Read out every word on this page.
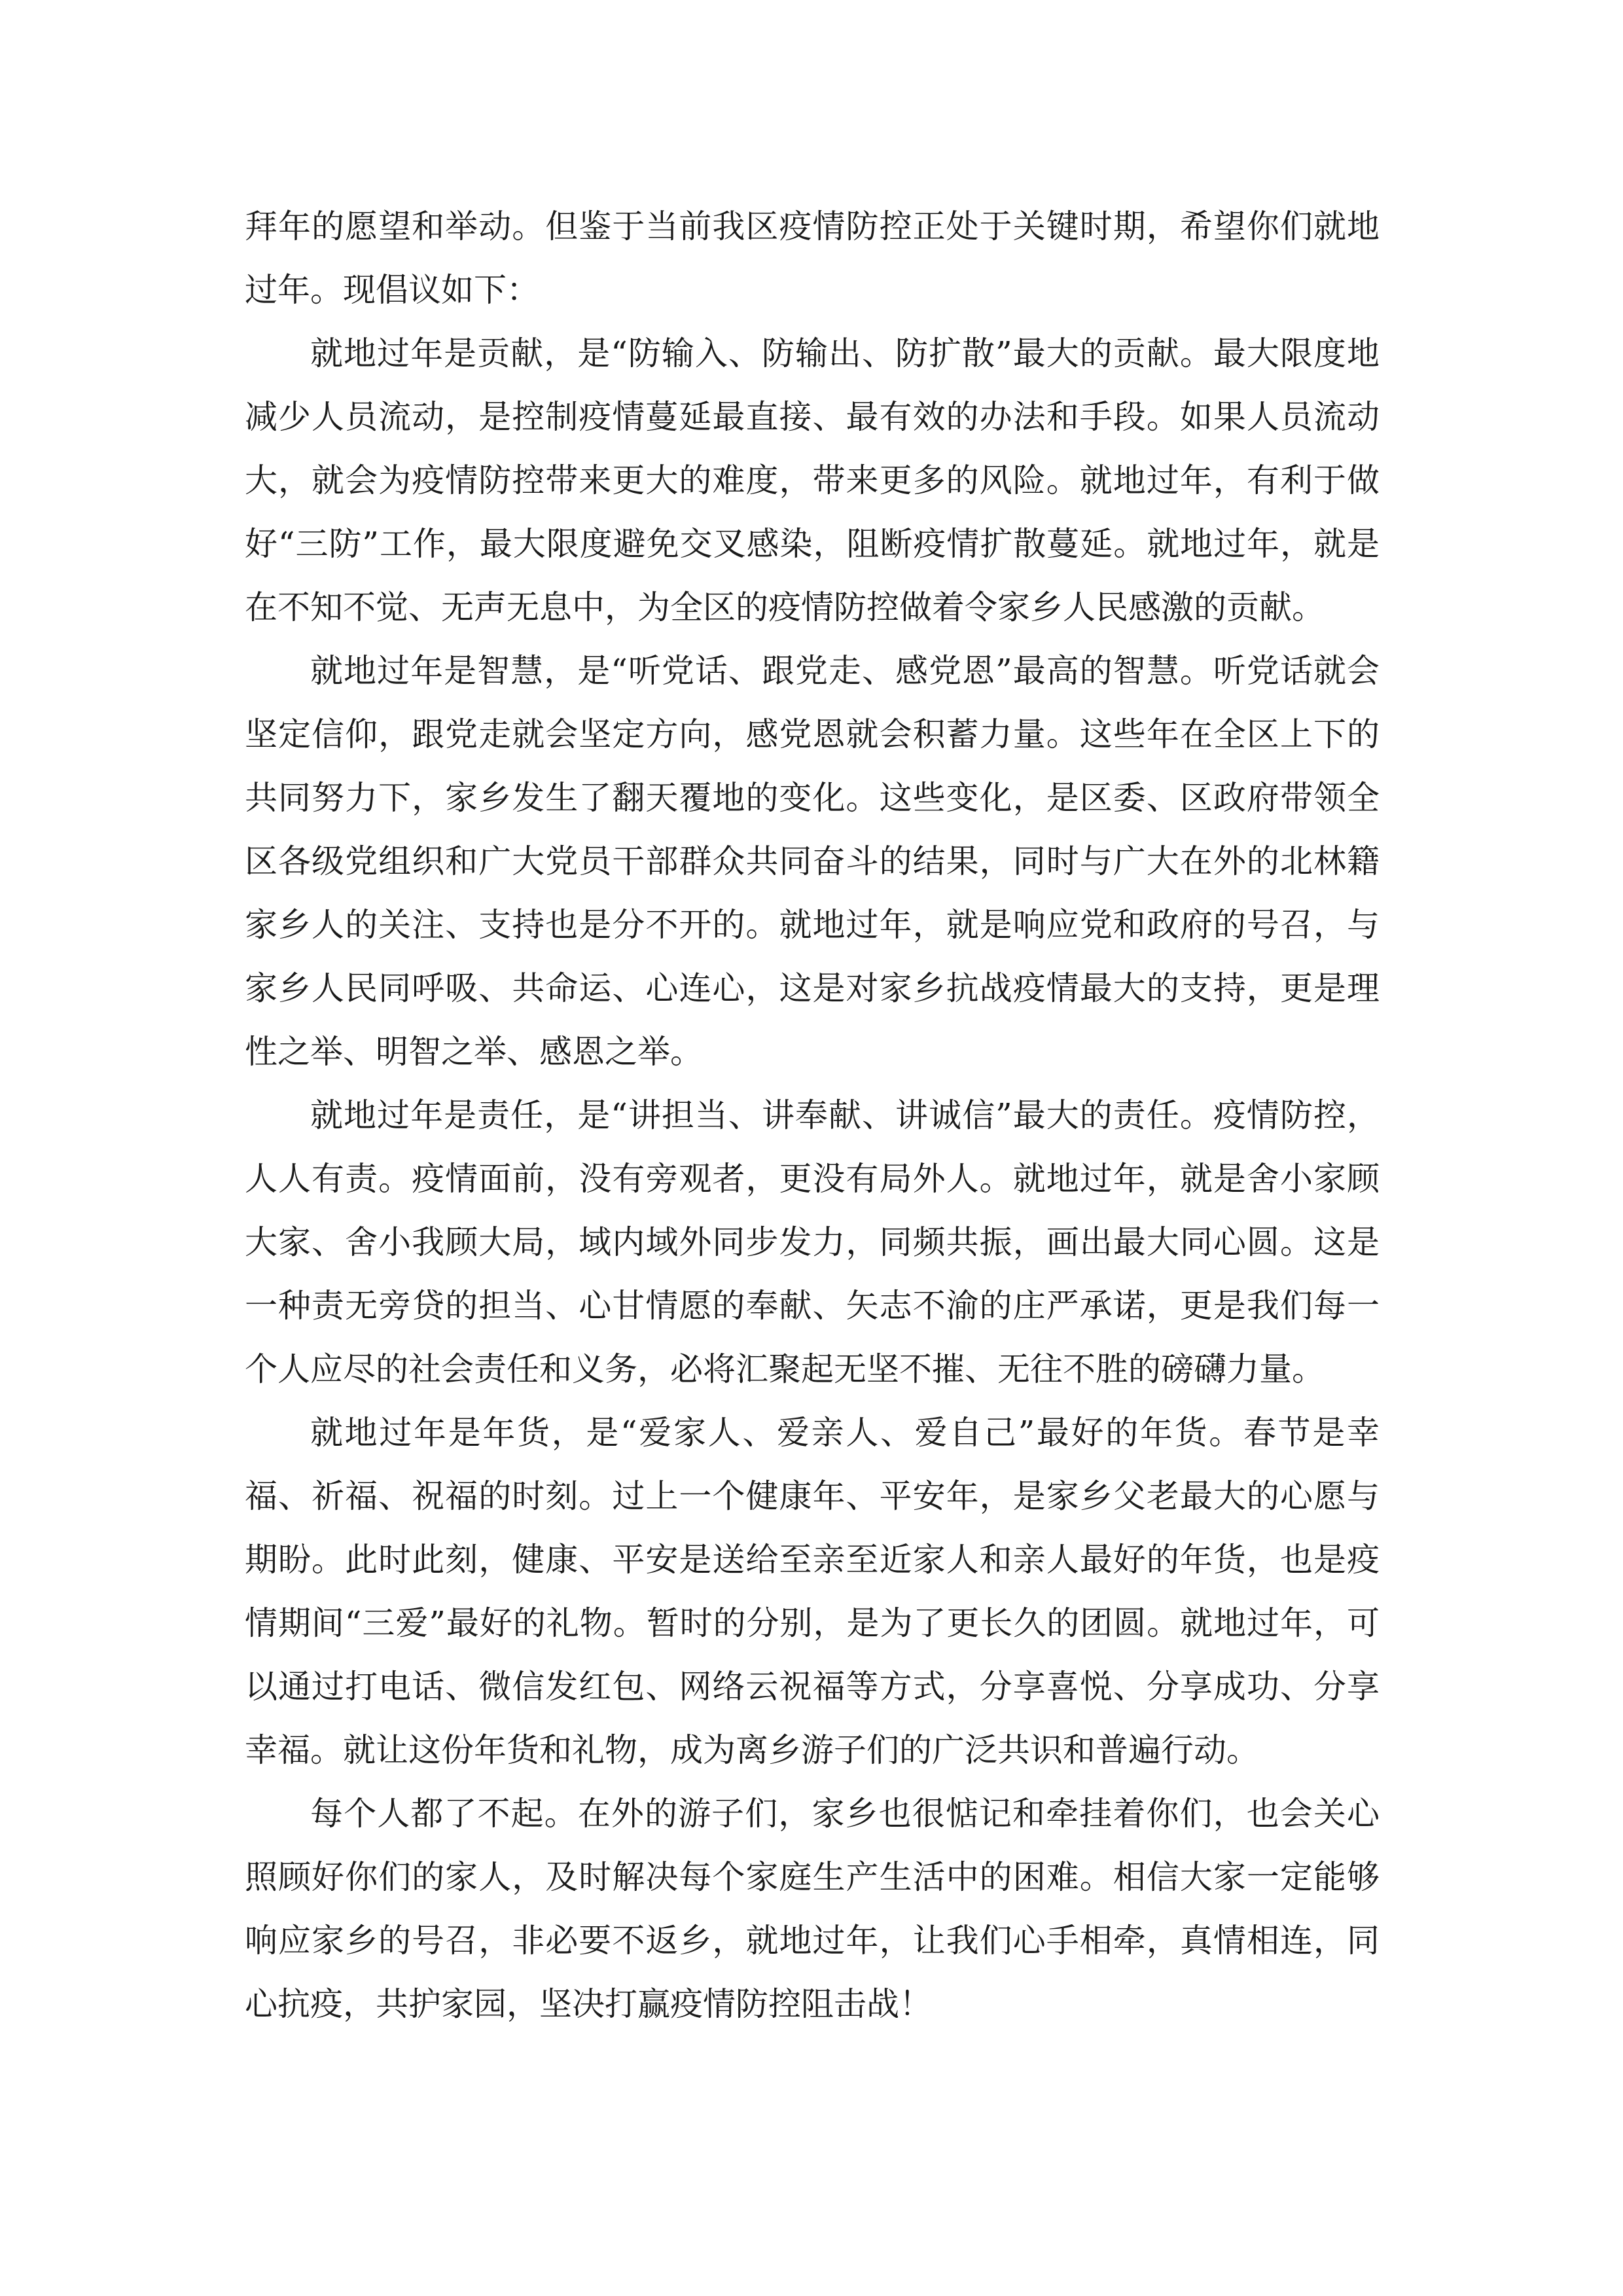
拜年的愿望和举动。但鉴于当前我区疫情防控正处于关键时期，希望你们就地过年。现倡议如下：

就地过年是贡献，是“防输入、防输出、防扩散”最大的贡献。最大限度地减少人员流动，是控制疫情蔓延最直接、最有效的办法和手段。如果人员流动大，就会为疫情防控带来更大的难度，带来更多的风险。就地过年，有利于做好“三防”工作，最大限度避免交叉感染，阻断疫情扩散蔓延。就地过年，就是在不知不觉、无声无息中，为全区的疫情防控做着令家乡人民感激的贡献。

就地过年是智慧，是“听党话、跟党走、感党恩”最高的智慧。听党话就会坚定信仰，跟党走就会坚定方向，感党恩就会积蓄力量。这些年在全区上下的共同努力下，家乡发生了翻天覆地的变化。这些变化，是区委、区政府带领全区各级党组织和广大党员干部群众共同奋斗的结果，同时与广大在外的北林籍家乡人的关注、支持也是分不开的。就地过年，就是响应党和政府的号召，与家乡人民同呼吸、共命运、心连心，这是对家乡抗战疫情最大的支持，更是理性之举、明智之举、感恩之举。

就地过年是责任，是“讲担当、讲奉献、讲诚信”最大的责任。疫情防控，人人有责。疫情面前，没有旁观者，更没有局外人。就地过年，就是舍小家顾大家、舍小我顾大局，域内域外同步发力，同频共振，画出最大同心圆。这是一种责无旁贷的担当、心甘情愿的奉献、矢志不渝的庄严承诺，更是我们每一个人应尽的社会责任和义务，必将汇聚起无坚不摧、无往不胜的磅礴力量。

就地过年是年货，是“爱家人、爱亲人、爱自己”最好的年货。春节是幸福、祈福、祝福的时刻。过上一个健康年、平安年，是家乡父老最大的心愿与期盼。此时此刻，健康、平安是送给至亲至近家人和亲人最好的年货，也是疫情期间“三爱”最好的礼物。暂时的分别，是为了更长久的团圆。就地过年，可以通过打电话、微信发红包、网络云祝福等方式，分享喜悦、分享成功、分享幸福。就让这份年货和礼物，成为离乡游子们的广泛共识和普遍行动。

每个人都了不起。在外的游子们，家乡也很惦记和牵挂着你们，也会关心照顾好你们的家人，及时解决每个家庭生产生活中的困难。相信大家一定能够响应家乡的号召，非必要不返乡，就地过年，让我们心手相牵，真情相连，同心抗疫，共护家园，坚决打赢疫情防控阻击战！
